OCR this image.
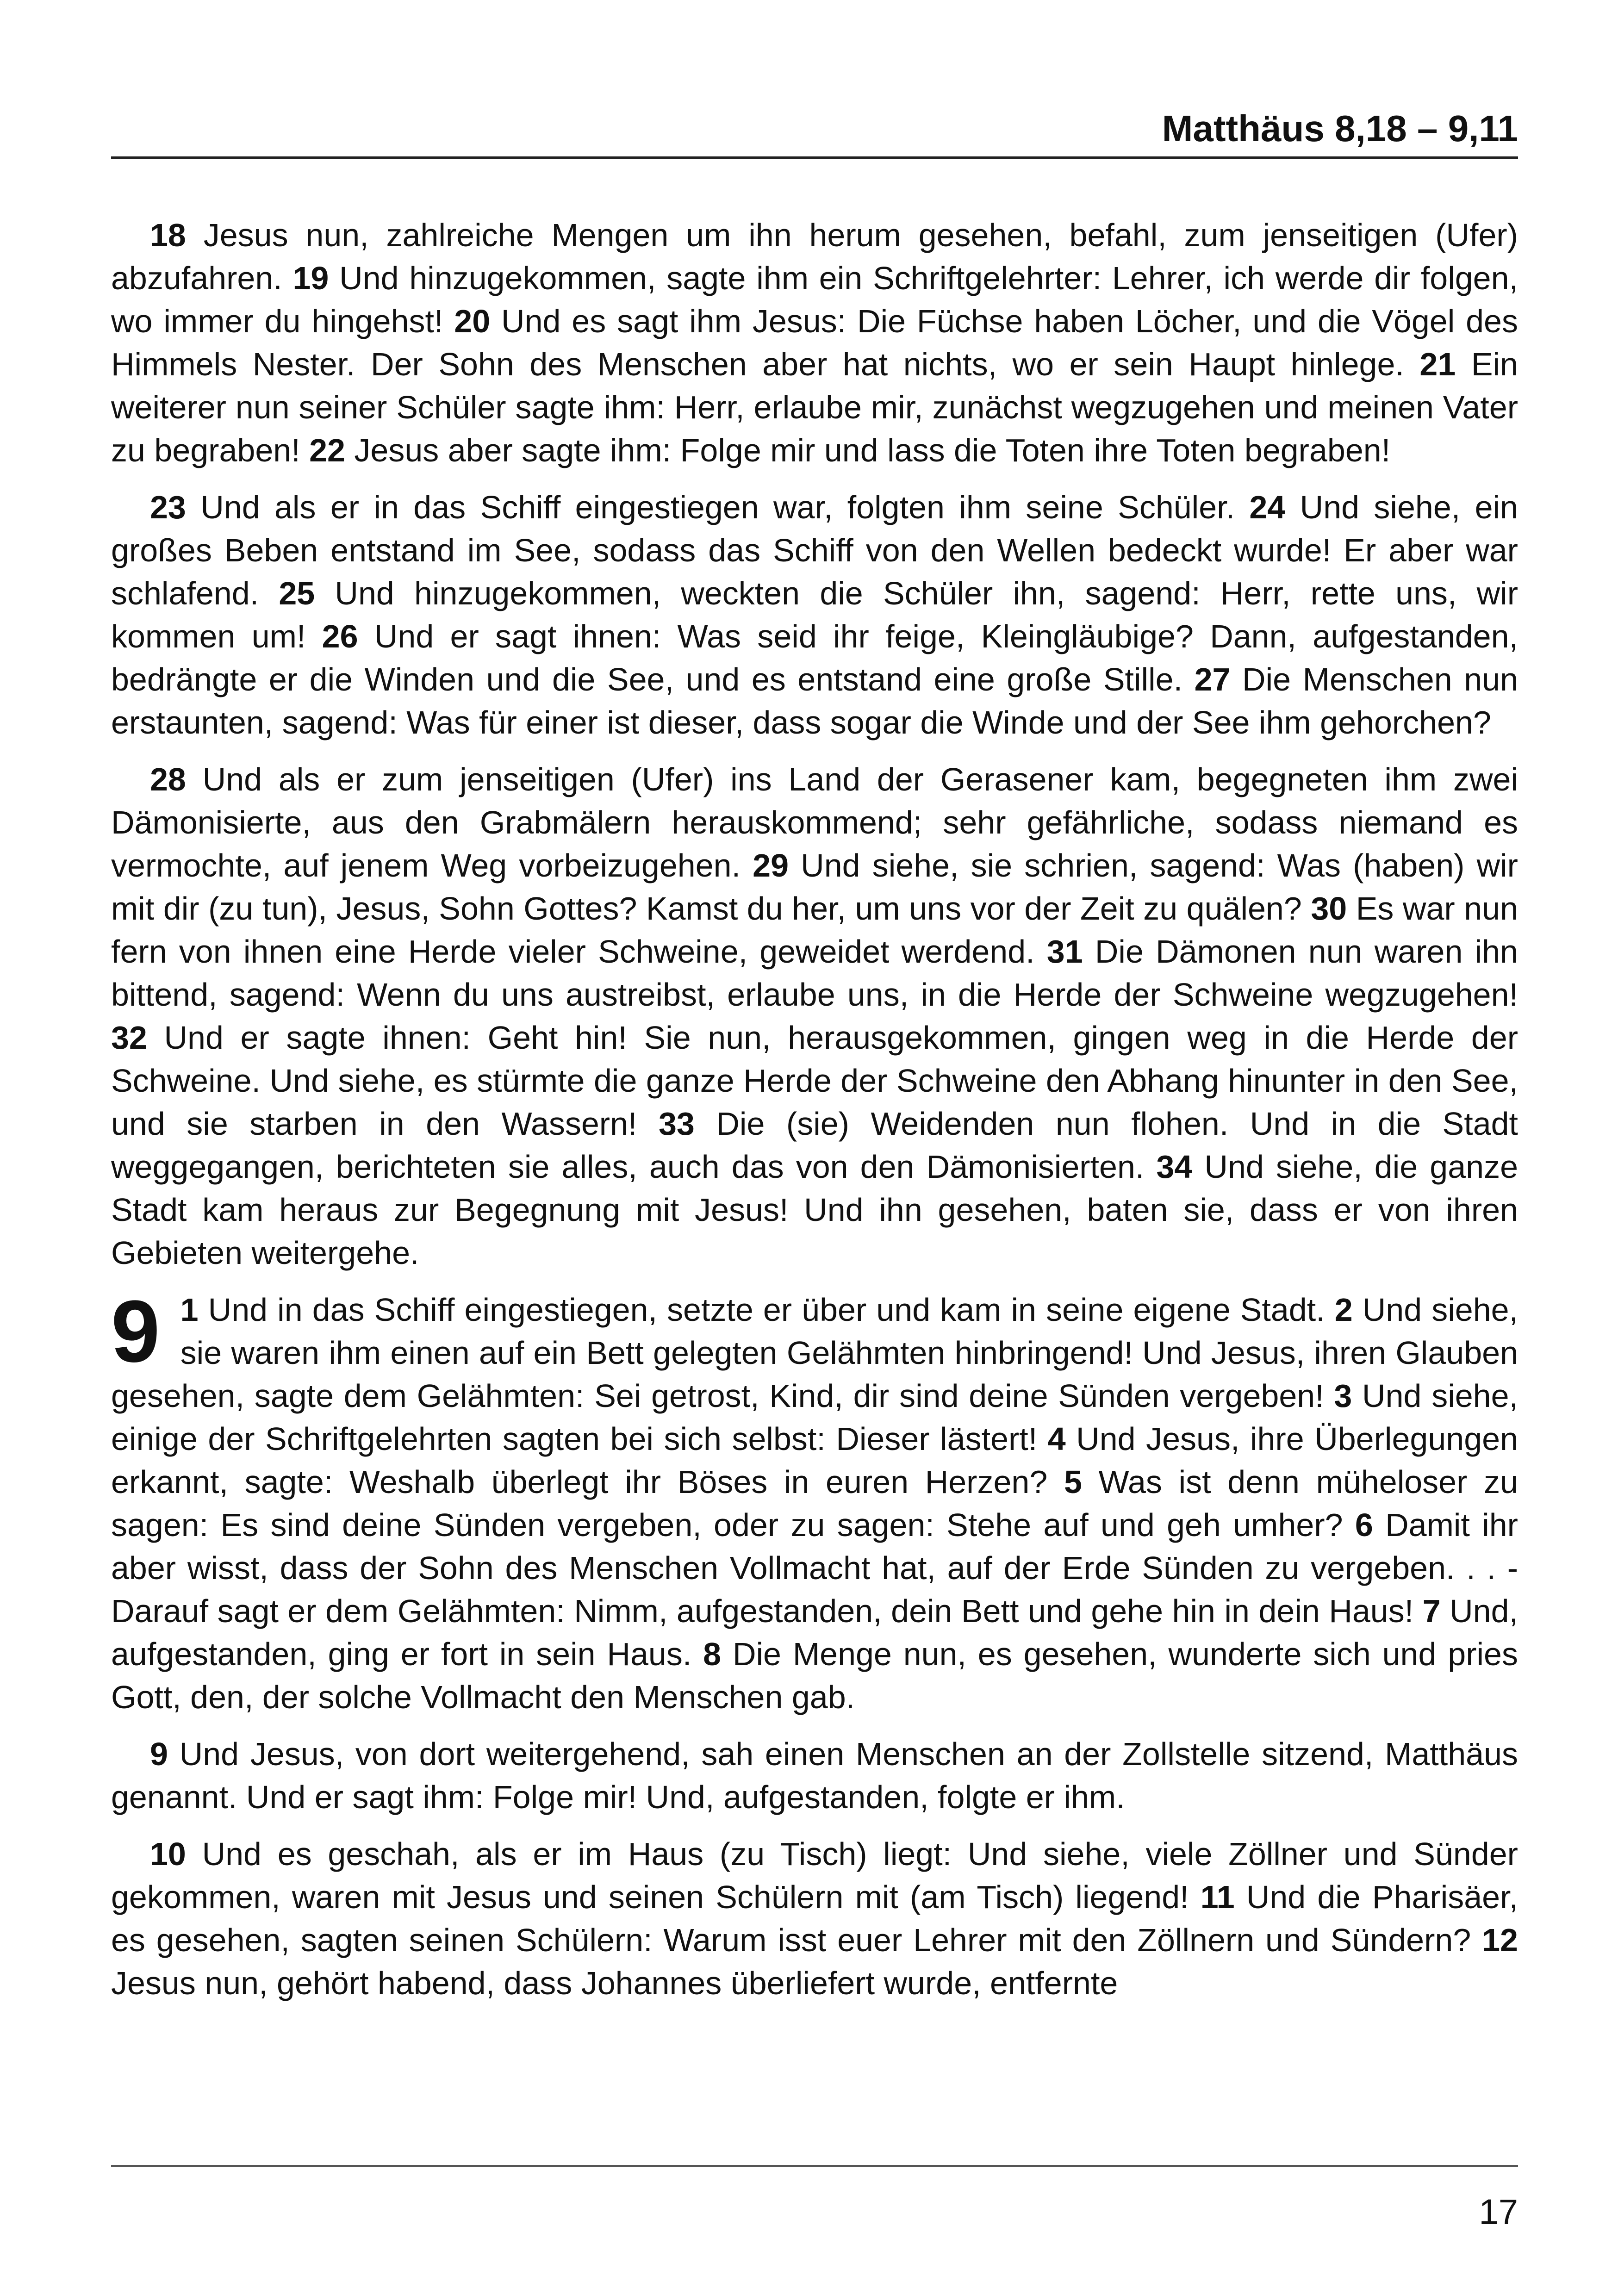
Matthäus 8,18 – 9,11

18 Jesus nun, zahlreiche Mengen um ihn herum gesehen, befahl, zum jenseitigen (Ufer) abzufahren. 19 Und hinzugekommen, sagte ihm ein Schriftgelehrter: Lehrer, ich werde dir folgen, wo immer du hingehst! 20 Und es sagt ihm Jesus: Die Füchse haben Löcher, und die Vögel des Himmels Nester. Der Sohn des Menschen aber hat nichts, wo er sein Haupt hinlege. 21 Ein weiterer nun seiner Schüler sagte ihm: Herr, erlaube mir, zunächst wegzugehen und meinen Vater zu begraben! 22 Jesus aber sagte ihm: Folge mir und lass die Toten ihre Toten begraben!

23 Und als er in das Schiff eingestiegen war, folgten ihm seine Schüler. 24 Und siehe, ein großes Beben entstand im See, sodass das Schiff von den Wellen bedeckt wurde! Er aber war schlafend. 25 Und hinzugekommen, weckten die Schüler ihn, sagend: Herr, rette uns, wir kommen um! 26 Und er sagt ihnen: Was seid ihr feige, Kleingläubige? Dann, aufgestanden, bedrängte er die Winden und die See, und es entstand eine große Stille. 27 Die Menschen nun erstaunten, sagend: Was für einer ist dieser, dass sogar die Winde und der See ihm gehorchen?

28 Und als er zum jenseitigen (Ufer) ins Land der Gerasener kam, begegneten ihm zwei Dämonisierte, aus den Grabmälern herauskommend; sehr gefährliche, sodass niemand es vermochte, auf jenem Weg vorbeizugehen. 29 Und siehe, sie schrien, sagend: Was (haben) wir mit dir (zu tun), Jesus, Sohn Gottes? Kamst du her, um uns vor der Zeit zu quälen? 30 Es war nun fern von ihnen eine Herde vieler Schweine, geweidet werdend. 31 Die Dämonen nun waren ihn bittend, sagend: Wenn du uns austreibst, erlaube uns, in die Herde der Schweine wegzugehen! 32 Und er sagte ihnen: Geht hin! Sie nun, herausgekommen, gingen weg in die Herde der Schweine. Und siehe, es stürmte die ganze Herde der Schweine den Abhang hinunter in den See, und sie starben in den Wassern! 33 Die (sie) Weidenden nun flohen. Und in die Stadt weggegangen, berichteten sie alles, auch das von den Dämonisierten. 34 Und siehe, die ganze Stadt kam heraus zur Begegnung mit Jesus! Und ihn gesehen, baten sie, dass er von ihren Gebieten weitergehe.

9 1 Und in das Schiff eingestiegen, setzte er über und kam in seine eigene Stadt. 2 Und siehe, sie waren ihm einen auf ein Bett gelegten Gelähmten hinbringend! Und Jesus, ihren Glauben gesehen, sagte dem Gelähmten: Sei getrost, Kind, dir sind deine Sünden vergeben! 3 Und siehe, einige der Schriftgelehrten sagten bei sich selbst: Dieser lästert! 4 Und Jesus, ihre Überlegungen erkannt, sagte: Weshalb überlegt ihr Böses in euren Herzen? 5 Was ist denn müheloser zu sagen: Es sind deine Sünden vergeben, oder zu sagen: Stehe auf und geh umher? 6 Damit ihr aber wisst, dass der Sohn des Menschen Vollmacht hat, auf der Erde Sünden zu vergeben. . . - Darauf sagt er dem Gelähmten: Nimm, aufgestanden, dein Bett und gehe hin in dein Haus! 7 Und, aufgestanden, ging er fort in sein Haus. 8 Die Menge nun, es gesehen, wunderte sich und pries Gott, den, der solche Vollmacht den Menschen gab.

9 Und Jesus, von dort weitergehend, sah einen Menschen an der Zollstelle sitzend, Matthäus genannt. Und er sagt ihm: Folge mir! Und, aufgestanden, folgte er ihm.

10 Und es geschah, als er im Haus (zu Tisch) liegt: Und siehe, viele Zöllner und Sünder gekommen, waren mit Jesus und seinen Schülern mit (am Tisch) liegend! 11 Und die Pharisäer, es gesehen, sagten seinen Schülern: Warum isst euer Lehrer mit den Zöllnern und Sündern? 12 Jesus nun, gehört habend, dass Johannes überliefert wurde, entfernte

17
